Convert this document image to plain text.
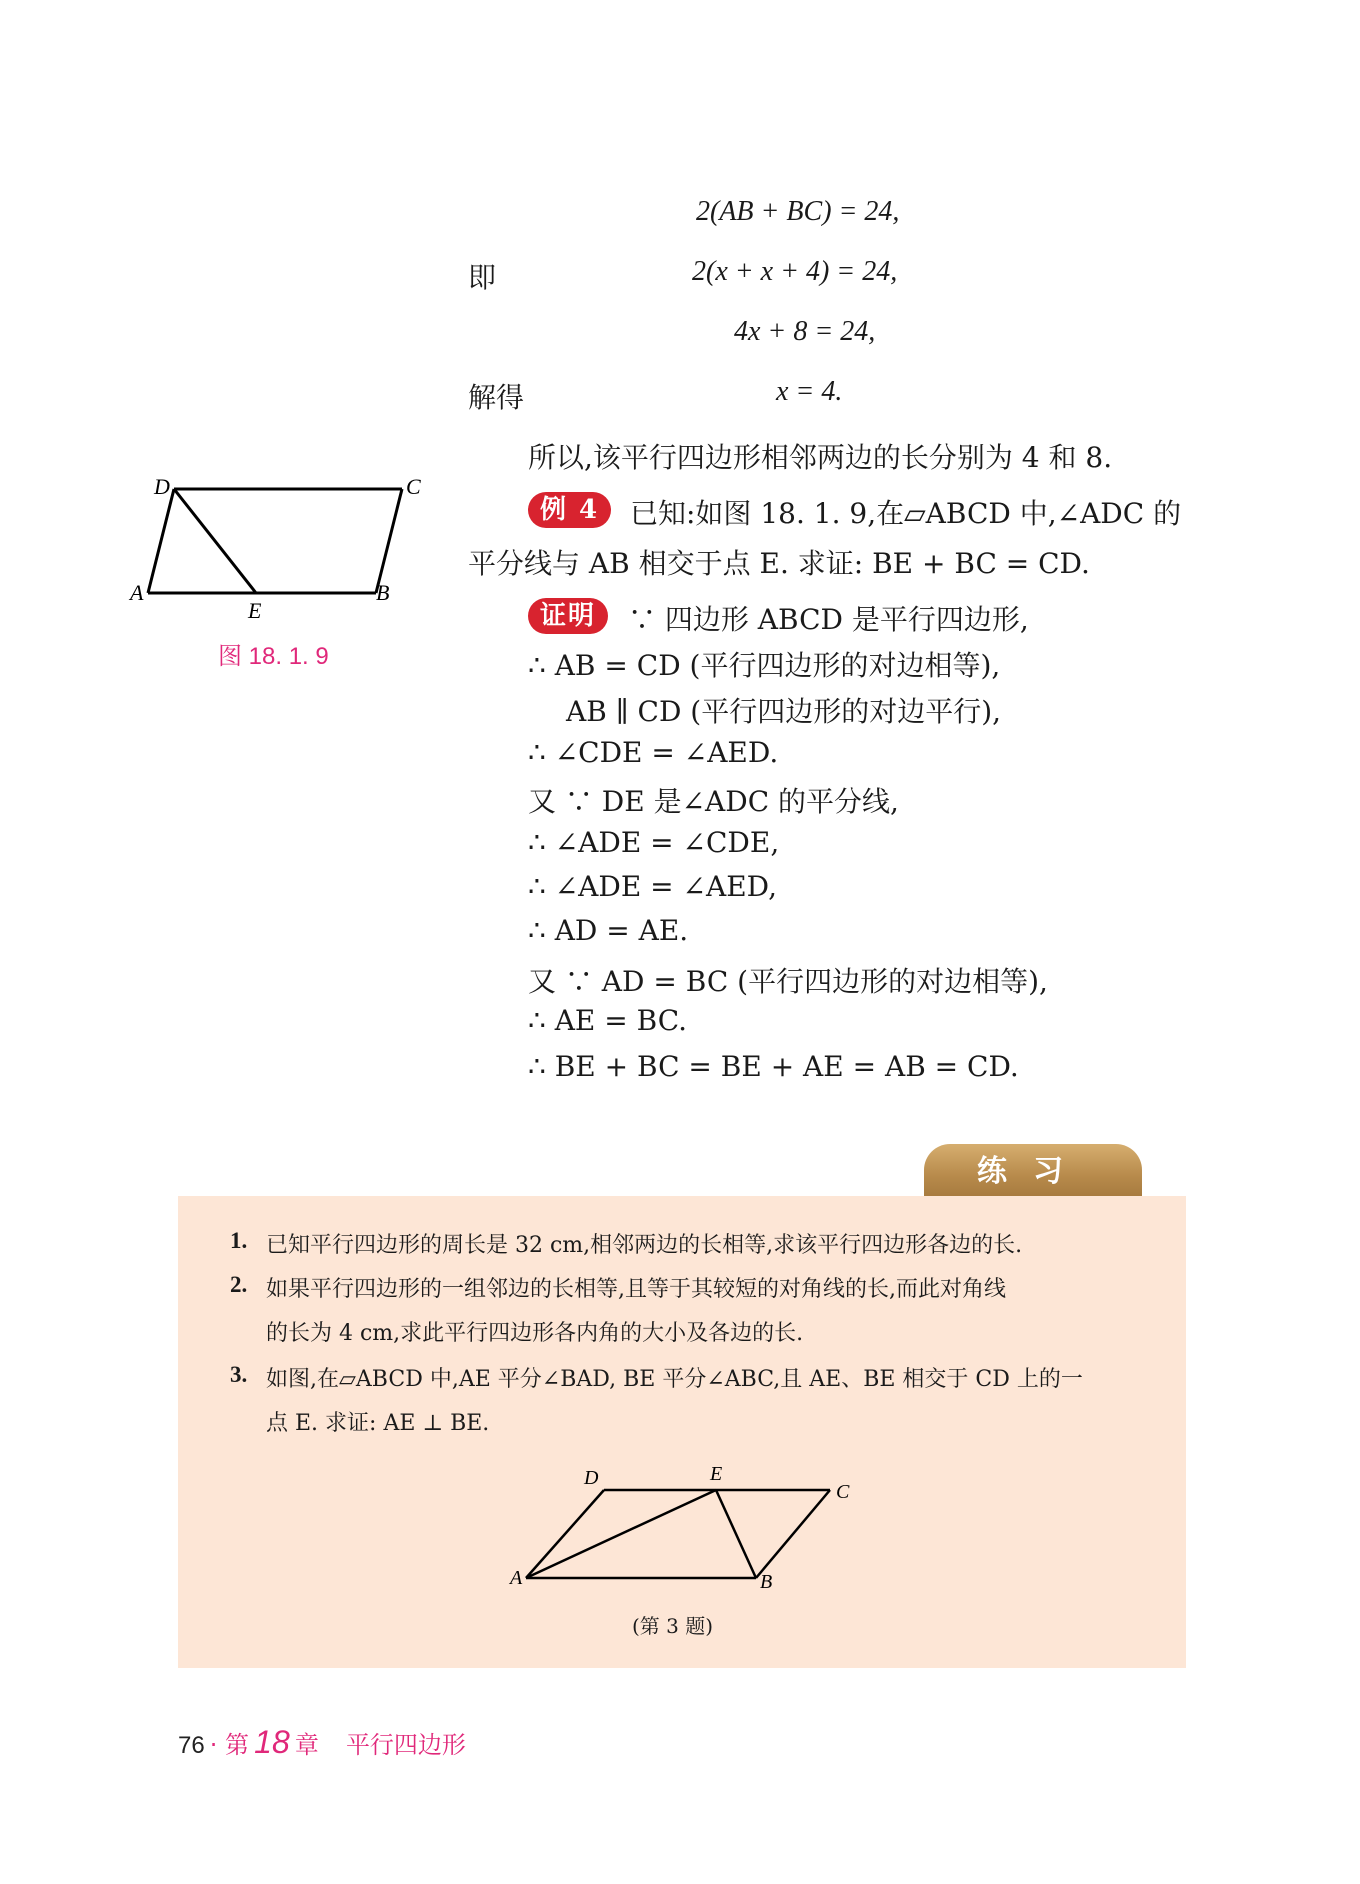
2(AB + BC) = 24,
即	2(x + x + 4) = 24,
4x + 8 = 24,
解得	x = 4.
所以,该平行四边形相邻两边的长分别为 4 和 8.
例 4	已知:如图 18. 1. 9,在▱ABCD 中,∠ADC 的
平分线与 AB 相交于点 E. 求证: BE + BC = CD.
证明	∵ 四边形 ABCD 是平行四边形,
∴ AB = CD (平行四边形的对边相等),
AB ∥ CD (平行四边形的对边平行),
∴ ∠CDE = ∠AED.
又 ∵ DE 是∠ADC 的平分线,
∴ ∠ADE = ∠CDE,
∴ ∠ADE = ∠AED,
∴ AD = AE.
又 ∵ AD = BC (平行四边形的对边相等),
∴ AE = BC.
∴ BE + BC = BE + AE = AB = CD.
D	C
A	B
E
图 18. 1. 9
练习
1. 已知平行四边形的周长是 32 cm,相邻两边的长相等,求该平行四边形各边的长.
2. 如果平行四边形的一组邻边的长相等,且等于其较短的对角线的长,而此对角线
的长为 4 cm,求此平行四边形各内角的大小及各边的长.
3. 如图,在▱ABCD 中,AE 平分∠BAD, BE 平分∠ABC,且 AE、BE 相交于 CD 上的一
点 E. 求证: AE ⊥ BE.
D	E
C
A	B
(第 3 题)
76 · 第 18 章 平行四边形
